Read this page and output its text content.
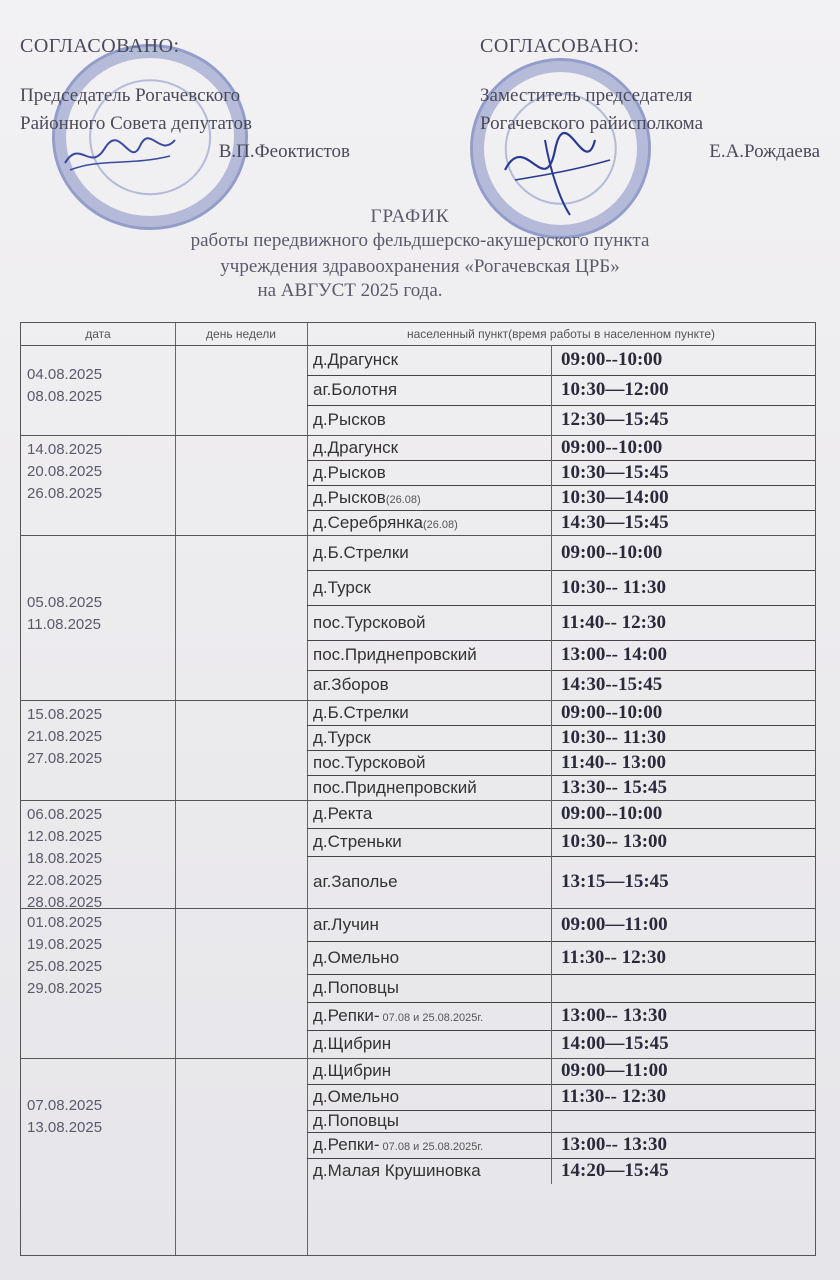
СОГЛАСОВАНО:
Председатель Рогачевского
Районного Совета депутатов
В.П.Феоктистов
СОГЛАСОВАНО:
Заместитель председателя
Рогачевского райисполкома
Е.А.Рождаева
ГРАФИК
работы передвижного фельдшерско-акушерского пункта
учреждения здравоохранения «Рогачевская ЦРБ»
на АВГУСТ 2025 года.
дата	день недели	населенный пункт(время работы в населенном пункте)
04.08.2025
08.08.2025
д.Драгунск	09:00--10:00
аг.Болотня	10:30—12:00
д.Рысков	12:30—15:45
14.08.2025
20.08.2025
26.08.2025
д.Драгунск	09:00--10:00
д.Рысков	10:30—15:45
д.Рысков(26.08)	10:30—14:00
д.Серебрянка(26.08)	14:30—15:45
05.08.2025
11.08.2025
д.Б.Стрелки	09:00--10:00
д.Турск	10:30-- 11:30
пос.Турсковой	11:40-- 12:30
пос.Приднепровский	13:00-- 14:00
аг.Зборов	14:30--15:45
15.08.2025
21.08.2025
27.08.2025
д.Б.Стрелки	09:00--10:00
д.Турск	10:30-- 11:30
пос.Турсковой	11:40-- 13:00
пос.Приднепровский	13:30-- 15:45
06.08.2025
12.08.2025
18.08.2025
22.08.2025
28.08.2025
д.Ректа	09:00--10:00
д.Стреньки	10:30-- 13:00
аг.Заполье	13:15—15:45
01.08.2025
19.08.2025
25.08.2025
29.08.2025
аг.Лучин	09:00—11:00
д.Омельно	11:30-- 12:30
д.Поповцы
д.Репки- 07.08 и 25.08.2025г.	13:00-- 13:30
д.Щибрин	14:00—15:45
07.08.2025
13.08.2025
д.Щибрин	09:00—11:00
д.Омельно	11:30-- 12:30
д.Поповцы
д.Репки- 07.08 и 25.08.2025г.	13:00-- 13:30
д.Малая Крушиновка	14:20—15:45
